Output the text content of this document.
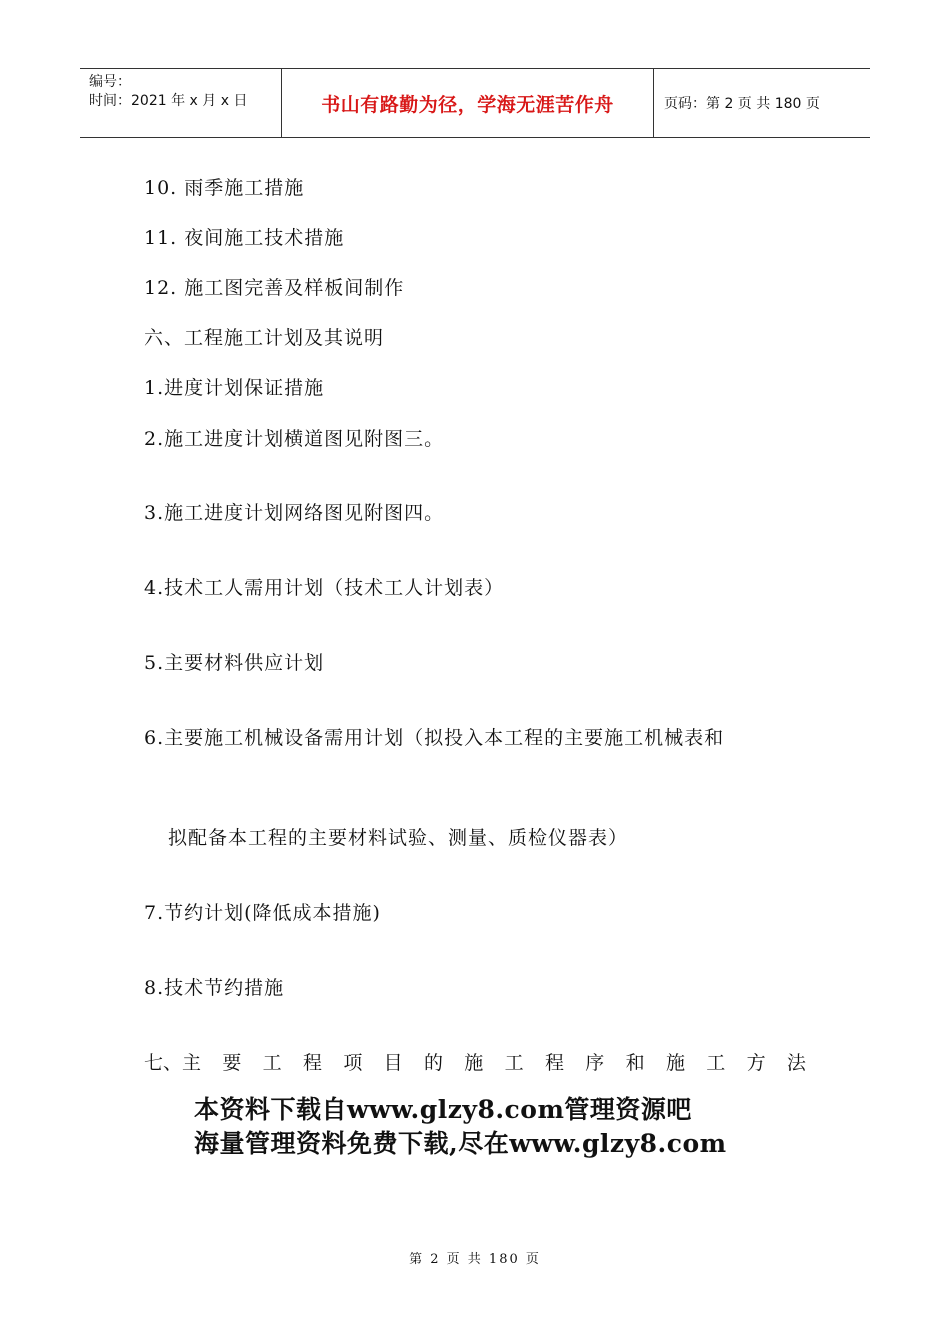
编号：
时间：2021 年 x 月 x 日	书山有路勤为径，学海无涯苦作舟	页码：第 2 页 共 180 页
10. 雨季施工措施
11. 夜间施工技术措施
12. 施工图完善及样板间制作
六、工程施工计划及其说明
1.进度计划保证措施
2.施工进度计划横道图见附图三。
3.施工进度计划网络图见附图四。
4.技术工人需用计划（技术工人计划表）
5.主要材料供应计划
6.主要施工机械设备需用计划（拟投入本工程的主要施工机械表和
拟配备本工程的主要材料试验、测量、质检仪器表）
7.节约计划(降低成本措施)
8.技术节约措施
七、主 要 工 程 项 目 的 施 工 程 序 和 施 工 方 法
本资料下载自www.glzy8.com管理资源吧
海量管理资料免费下载,尽在www.glzy8.com
第 2 页 共 180 页
